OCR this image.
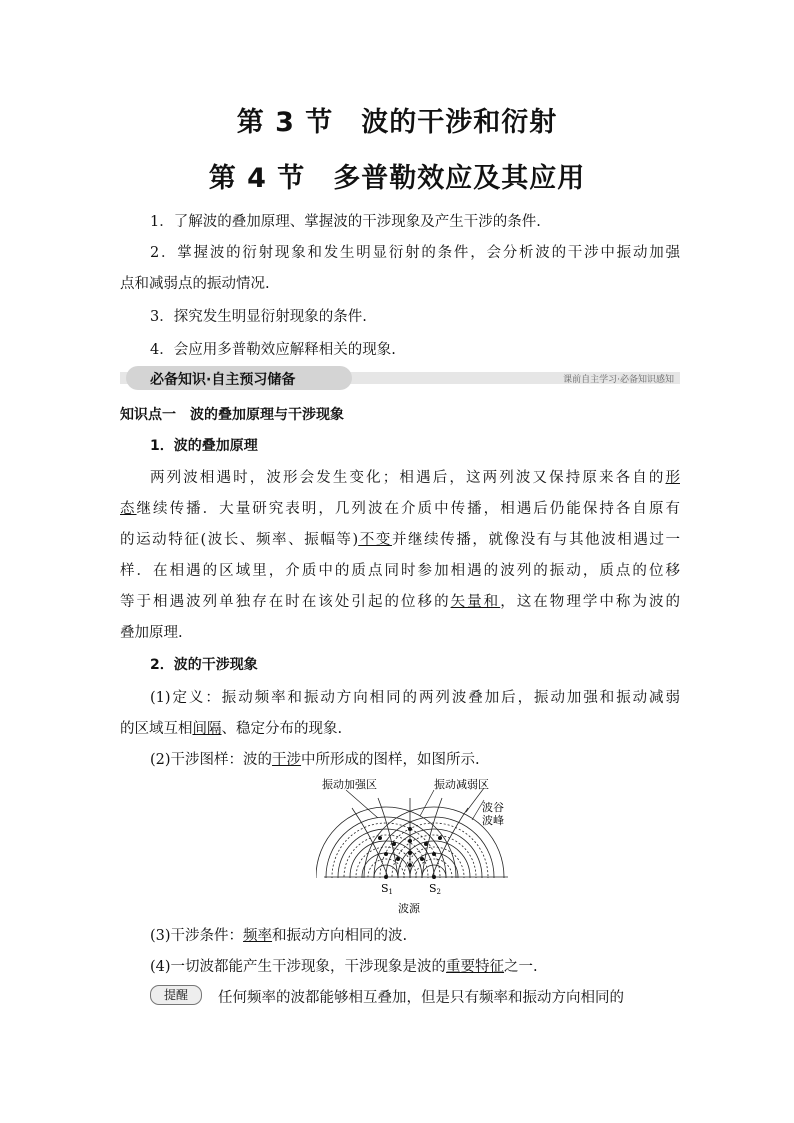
第 3 节　波的干涉和衍射
第 4 节　多普勒效应及其应用
1．了解波的叠加原理、掌握波的干涉现象及产生干涉的条件.
2．掌握波的衍射现象和发生明显衍射的条件，会分析波的干涉中振动加强
点和减弱点的振动情况.
3．探究发生明显衍射现象的条件.
4．会应用多普勒效应解释相关的现象.
必备知识·自主预习储备	课前自主学习·必备知识感知
知识点一　波的叠加原理与干涉现象
1．波的叠加原理
两列波相遇时，波形会发生变化；相遇后，这两列波又保持原来各自的形
态继续传播．大量研究表明，几列波在介质中传播，相遇后仍能保持各自原有
的运动特征(波长、频率、振幅等)不变并继续传播，就像没有与其他波相遇过一
样．在相遇的区域里，介质中的质点同时参加相遇的波列的振动，质点的位移
等于相遇波列单独存在时在该处引起的位移的矢量和，这在物理学中称为波的
叠加原理.
2．波的干涉现象
(1)定义：振动频率和振动方向相同的两列波叠加后，振动加强和振动减弱
的区域互相间隔、稳定分布的现象.
(2)干涉图样：波的干涉中所形成的图样，如图所示.
振动加强区	振动减弱区
波谷
波峰
S1	S2
波源
(3)干涉条件：频率和振动方向相同的波.
(4)一切波都能产生干涉现象，干涉现象是波的重要特征之一.
提醒	任何频率的波都能够相互叠加，但是只有频率和振动方向相同的
